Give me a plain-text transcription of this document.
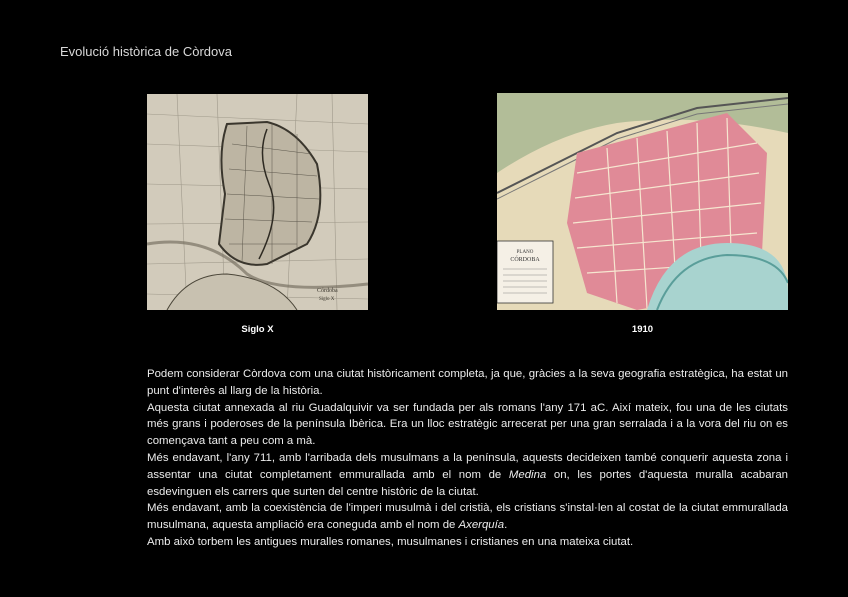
Evolució històrica de Còrdova
Córdoba
Siglo X
PLANO
CÓRDOBA
Siglo X	1910

Podem considerar Còrdova com una ciutat històricament completa, ja que, gràcies a la seva geografia estratègica, ha estat un punt d'interès al llarg de la història.

Aquesta ciutat annexada al riu Guadalquivir va ser fundada per als romans l'any 171 aC. Així mateix, fou una de les ciutats més grans i poderoses de la península Ibèrica. Era un lloc estratègic arrecerat per una gran serralada i a la vora del riu on es començava tant a peu com a mà.

Més endavant, l'any 711, amb l'arribada dels musulmans a la península, aquests decideixen també conquerir aquesta zona i assentar una ciutat completament emmurallada amb el nom de Medina on, les portes d'aquesta muralla acabaran esdevinguen els carrers que surten del centre històric de la ciutat.

Més endavant, amb la coexistència de l'imperi musulmà i del cristià, els cristians s'instal·len al costat de la ciutat emmurallada musulmana, aquesta ampliació era coneguda amb el nom de Axerquía.

Amb això torbem les antigues muralles romanes, musulmanes i cristianes en una mateixa ciutat.
